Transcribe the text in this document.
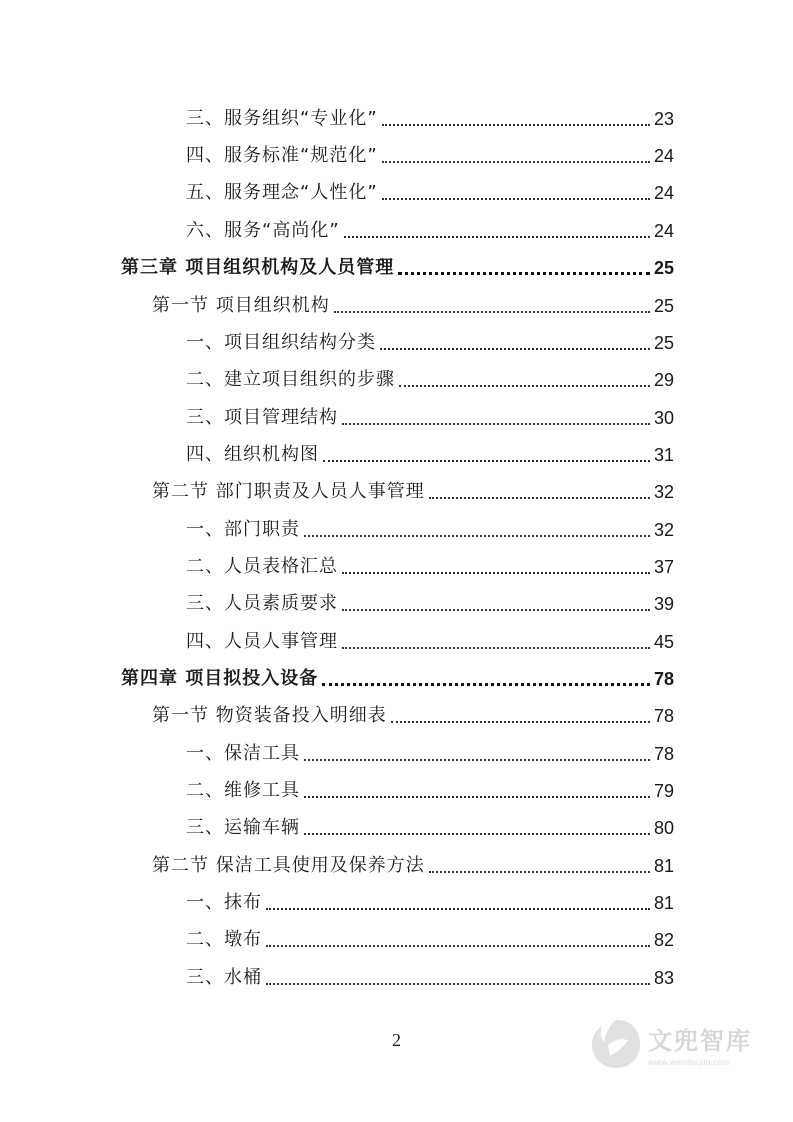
三、服务组织“专业化”	23
四、服务标准“规范化”	24
五、服务理念“人性化”	24
六、服务“高尚化”	24
第三章 项目组织机构及人员管理	25
第一节 项目组织机构	25
一、项目组织结构分类	25
二、建立项目组织的步骤	29
三、项目管理结构	30
四、组织机构图	31
第二节 部门职责及人员人事管理	32
一、部门职责	32
二、人员表格汇总	37
三、人员素质要求	39
四、人员人事管理	45
第四章 项目拟投入设备	78
第一节 物资装备投入明细表	78
一、保洁工具	78
二、维修工具	79
三、运输车辆	80
第二节 保洁工具使用及保养方法	81
一、抹布	81
二、墩布	82
三、水桶	83
2	文兜智库
www.wendoulib.com
